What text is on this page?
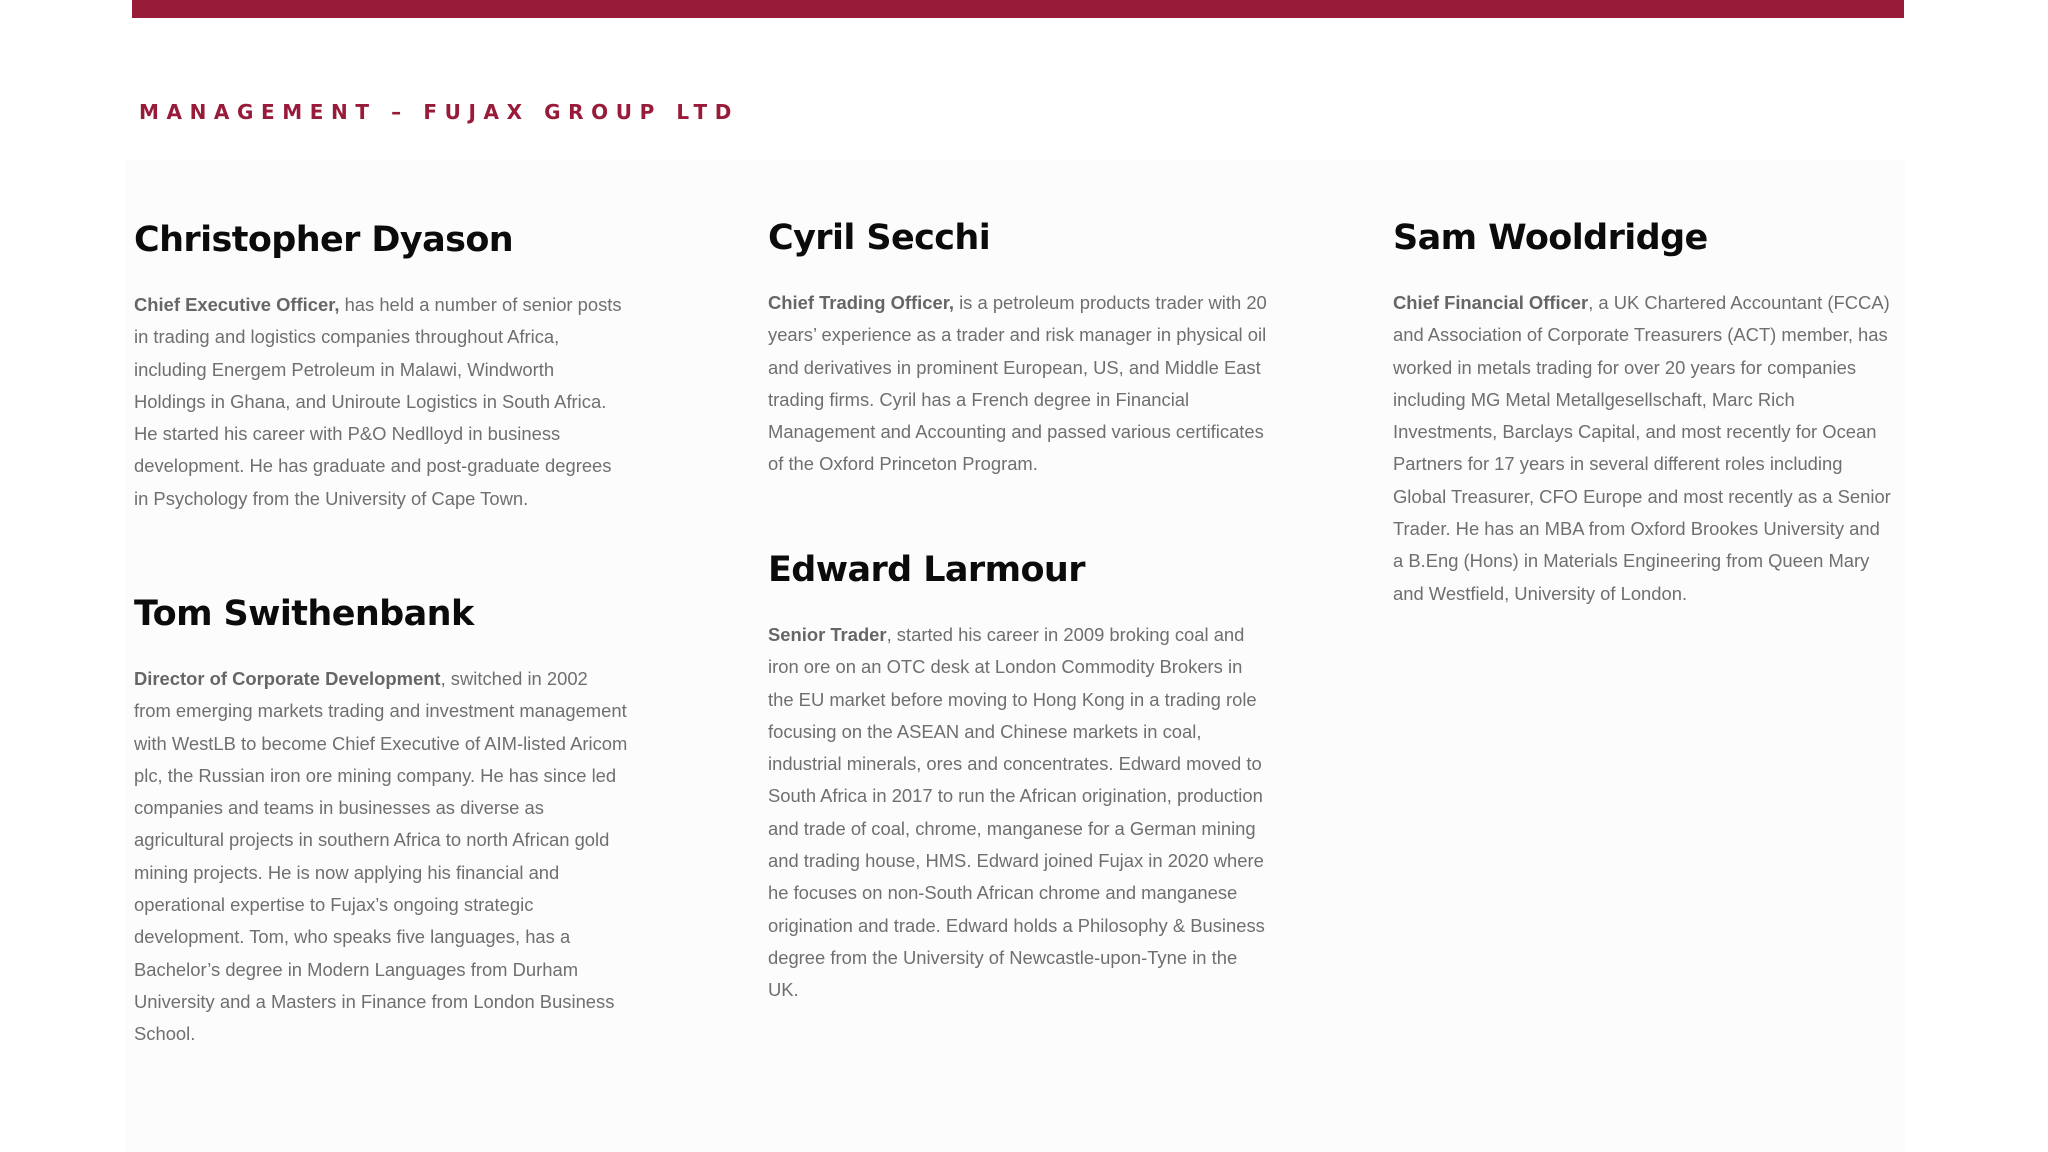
MANAGEMENT – FUJAX GROUP LTD
Christopher Dyason

Chief Executive Officer, has held a number of senior posts in trading and logistics companies throughout Africa, including Energem Petroleum in Malawi, Windworth Holdings in Ghana, and Uniroute Logistics in South Africa. He started his career with P&O Nedlloyd in business development. He has graduate and post-graduate degrees in Psychology from the University of Cape Town.

Tom Swithenbank

Director of Corporate Development, switched in 2002 from emerging markets trading and investment management with WestLB to become Chief Executive of AIM-listed Aricom plc, the Russian iron ore mining company. He has since led companies and teams in businesses as diverse as agricultural projects in southern Africa to north African gold mining projects. He is now applying his financial and operational expertise to Fujax’s ongoing strategic development. Tom, who speaks five languages, has a Bachelor’s degree in Modern Languages from Durham University and a Masters in Finance from London Business School.

Cyril Secchi

Chief Trading Officer, is a petroleum products trader with 20 years’ experience as a trader and risk manager in physical oil and derivatives in prominent European, US, and Middle East trading firms. Cyril has a French degree in Financial Management and Accounting and passed various certificates of the Oxford Princeton Program.

Edward Larmour

Senior Trader, started his career in 2009 broking coal and iron ore on an OTC desk at London Commodity Brokers in the EU market before moving to Hong Kong in a trading role focusing on the ASEAN and Chinese markets in coal, industrial minerals, ores and concentrates. Edward moved to South Africa in 2017 to run the African origination, production and trade of coal, chrome, manganese for a German mining and trading house, HMS. Edward joined Fujax in 2020 where he focuses on non-South African chrome and manganese origination and trade. Edward holds a Philosophy & Business degree from the University of Newcastle-upon-Tyne in the UK.

Sam Wooldridge

Chief Financial Officer, a UK Chartered Accountant (FCCA) and Association of Corporate Treasurers (ACT) member, has worked in metals trading for over 20 years for companies including MG Metal Metallgesellschaft, Marc Rich Investments, Barclays Capital, and most recently for Ocean Partners for 17 years in several different roles including Global Treasurer, CFO Europe and most recently as a Senior Trader. He has an MBA from Oxford Brookes University and a B.Eng (Hons) in Materials Engineering from Queen Mary and Westfield, University of London.
